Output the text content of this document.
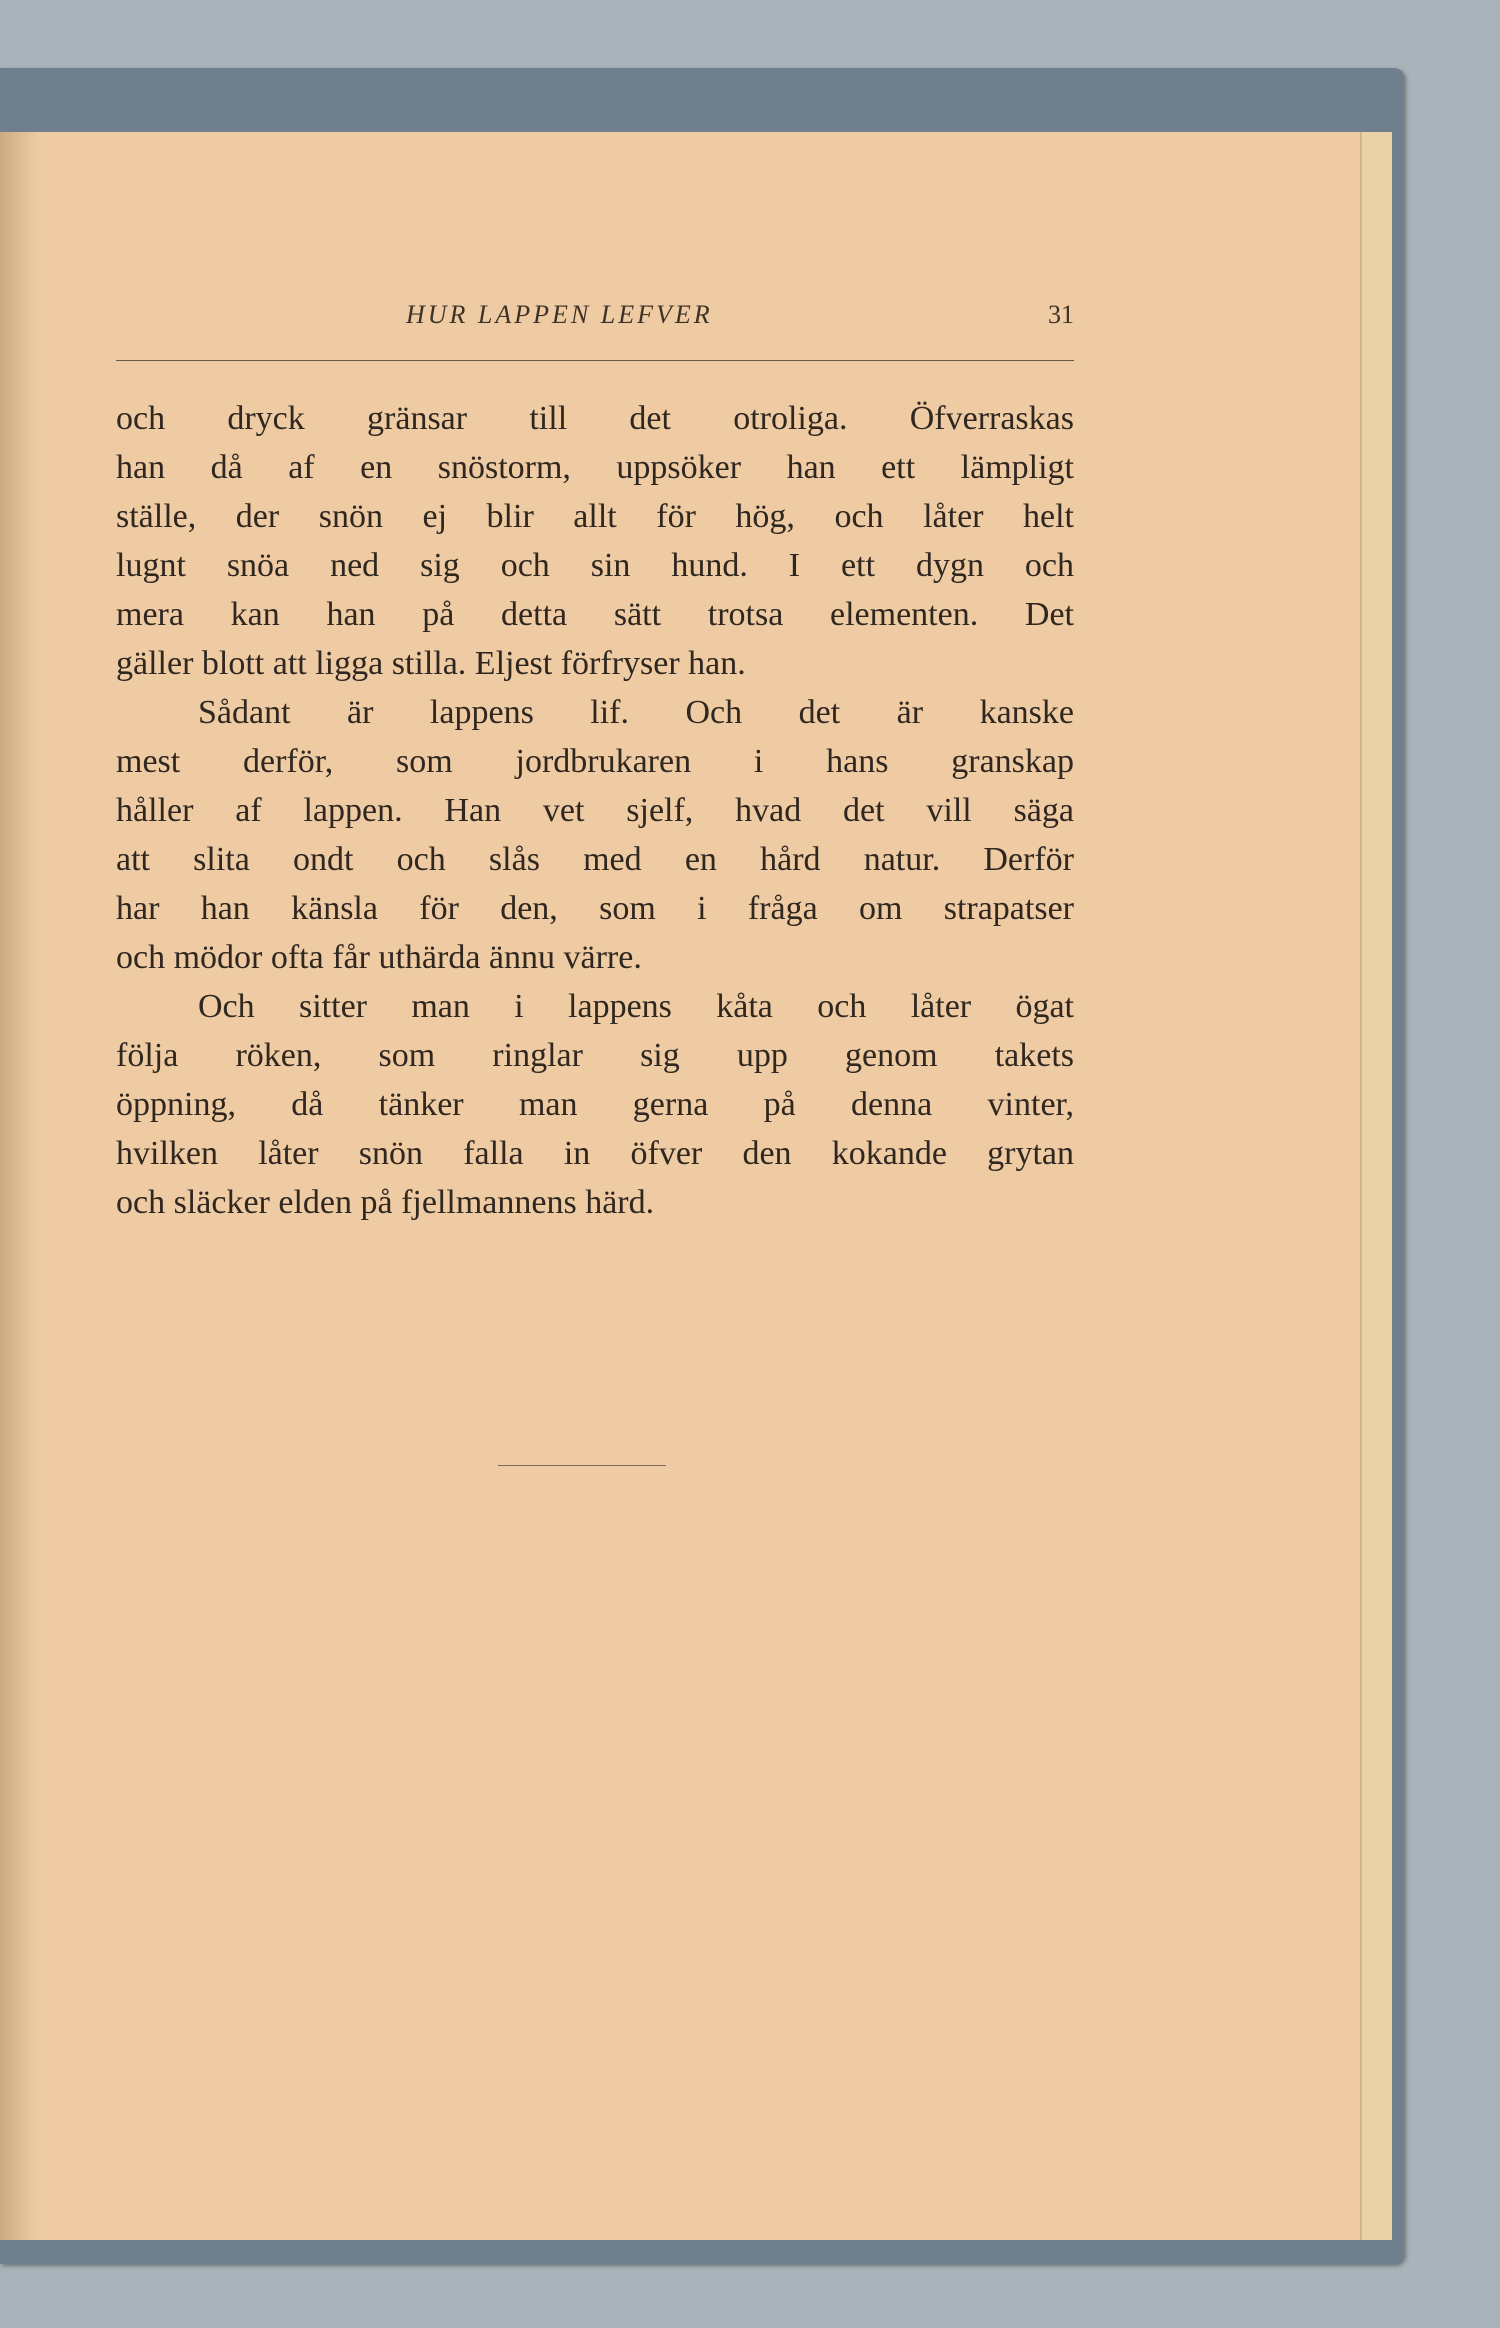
HUR LAPPEN LEFVER	31
och dryck gränsar till det otroliga. Öfverraskas
han då af en snöstorm, uppsöker han ett lämpligt
ställe, der snön ej blir allt för hög, och låter helt
lugnt snöa ned sig och sin hund. I ett dygn och
mera kan han på detta sätt trotsa elementen. Det
gäller blott att ligga stilla. Eljest förfryser han.
Sådant är lappens lif. Och det är kanske
mest derför, som jordbrukaren i hans granskap
håller af lappen. Han vet sjelf, hvad det vill säga
att slita ondt och slås med en hård natur. Derför
har han känsla för den, som i fråga om strapatser
och mödor ofta får uthärda ännu värre.
Och sitter man i lappens kåta och låter ögat
följa röken, som ringlar sig upp genom takets
öppning, då tänker man gerna på denna vinter,
hvilken låter snön falla in öfver den kokande grytan
och släcker elden på fjellmannens härd.
